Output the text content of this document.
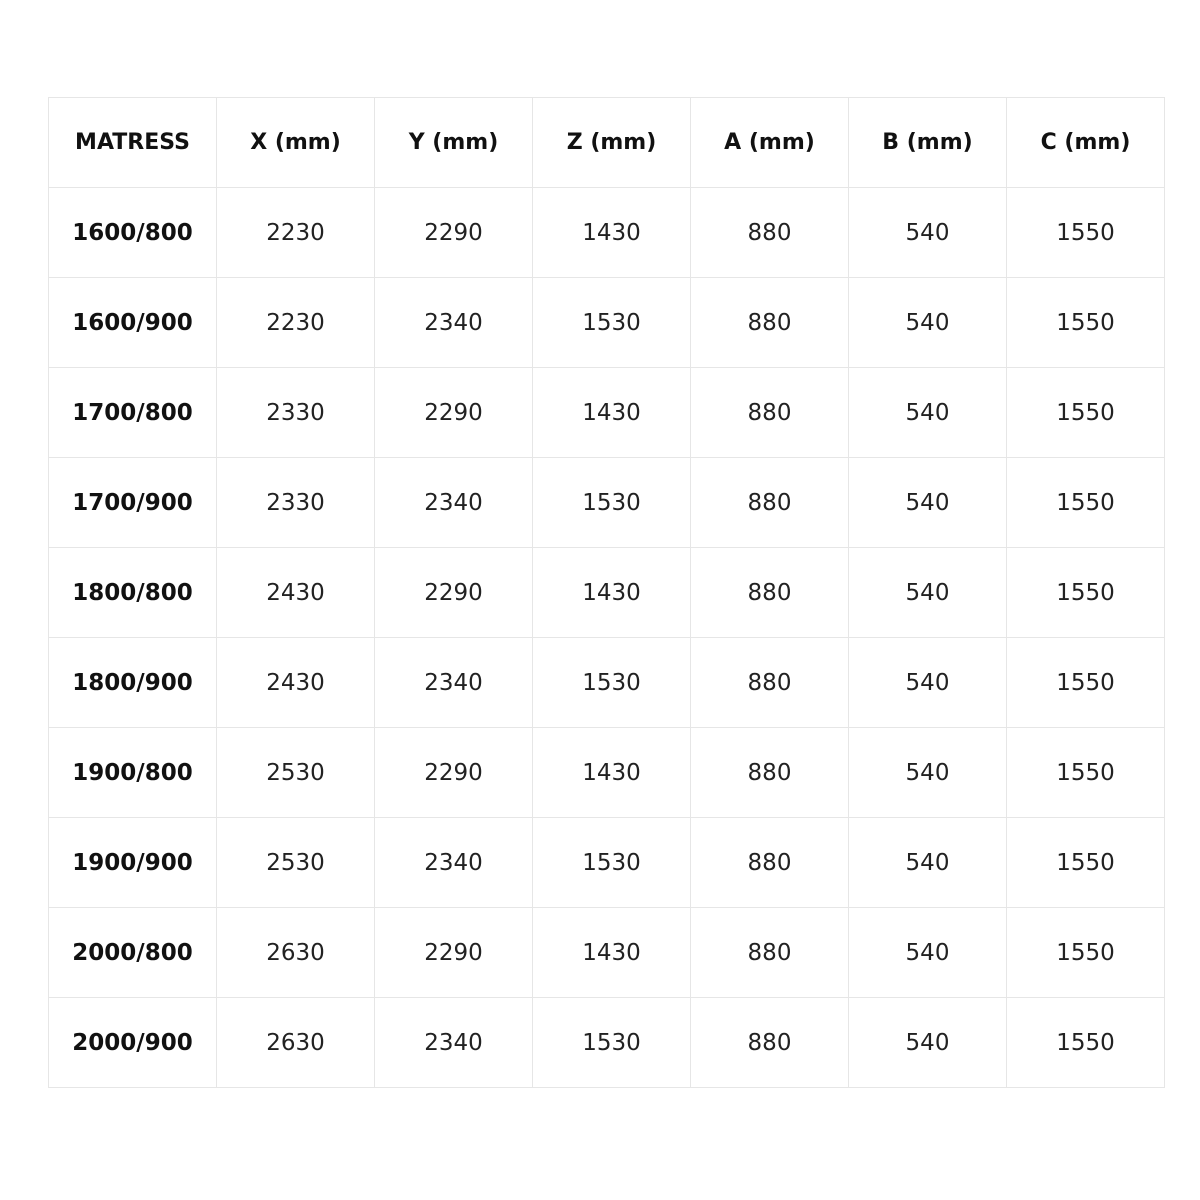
MATRESS	X (mm)	Y (mm)	Z (mm)	A (mm)	B (mm)	C (mm)
1600/800	2230	2290	1430	880	540	1550
1600/900	2230	2340	1530	880	540	1550
1700/800	2330	2290	1430	880	540	1550
1700/900	2330	2340	1530	880	540	1550
1800/800	2430	2290	1430	880	540	1550
1800/900	2430	2340	1530	880	540	1550
1900/800	2530	2290	1430	880	540	1550
1900/900	2530	2340	1530	880	540	1550
2000/800	2630	2290	1430	880	540	1550
2000/900	2630	2340	1530	880	540	1550
